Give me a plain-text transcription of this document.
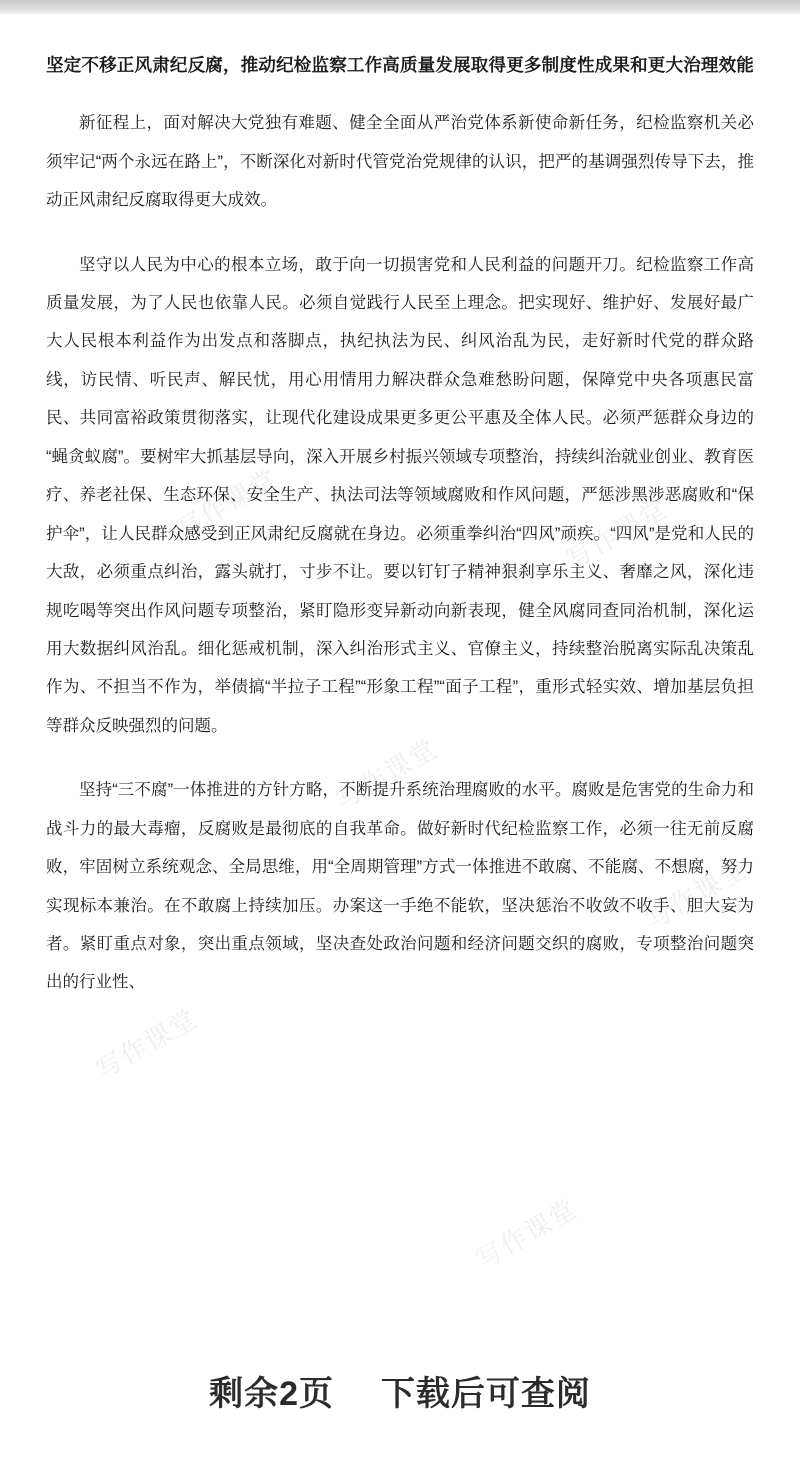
坚定不移正风肃纪反腐，推动纪检监察工作高质量发展取得更多制度性成果和更大治理效能

新征程上，面对解决大党独有难题、健全全面从严治党体系新使命新任务，纪检监察机关必须牢记“两个永远在路上”，不断深化对新时代管党治党规律的认识，把严的基调强烈传导下去，推动正风肃纪反腐取得更大成效。

坚守以人民为中心的根本立场，敢于向一切损害党和人民利益的问题开刀。纪检监察工作高质量发展，为了人民也依靠人民。必须自觉践行人民至上理念。把实现好、维护好、发展好最广大人民根本利益作为出发点和落脚点，执纪执法为民、纠风治乱为民，走好新时代党的群众路线，访民情、听民声、解民忧，用心用情用力解决群众急难愁盼问题，保障党中央各项惠民富民、共同富裕政策贯彻落实，让现代化建设成果更多更公平惠及全体人民。必须严惩群众身边的“蝇贪蚁腐”。要树牢大抓基层导向，深入开展乡村振兴领域专项整治，持续纠治就业创业、教育医疗、养老社保、生态环保、安全生产、执法司法等领域腐败和作风问题，严惩涉黑涉恶腐败和“保护伞”，让人民群众感受到正风肃纪反腐就在身边。必须重拳纠治“四风”顽疾。“四风”是党和人民的大敌，必须重点纠治，露头就打，寸步不让。要以钉钉子精神狠刹享乐主义、奢靡之风，深化违规吃喝等突出作风问题专项整治，紧盯隐形变异新动向新表现，健全风腐同查同治机制，深化运用大数据纠风治乱。细化惩戒机制，深入纠治形式主义、官僚主义，持续整治脱离实际乱决策乱作为、不担当不作为，举债搞“半拉子工程”“形象工程”“面子工程”，重形式轻实效、增加基层负担等群众反映强烈的问题。

坚持“三不腐”一体推进的方针方略，不断提升系统治理腐败的水平。腐败是危害党的生命力和战斗力的最大毒瘤，反腐败是最彻底的自我革命。做好新时代纪检监察工作，必须一往无前反腐败，牢固树立系统观念、全局思维，用“全周期管理”方式一体推进不敢腐、不能腐、不想腐，努力实现标本兼治。在不敢腐上持续加压。办案这一手绝不能软，坚决惩治不收敛不收手、胆大妄为者。紧盯重点对象，突出重点领域，坚决查处政治问题和经济问题交织的腐败，专项整治问题突出的行业性、

写作课堂	写作课堂
写作课堂
写作课堂
写作课堂
写作课堂
剩余2页 下载后可查阅
